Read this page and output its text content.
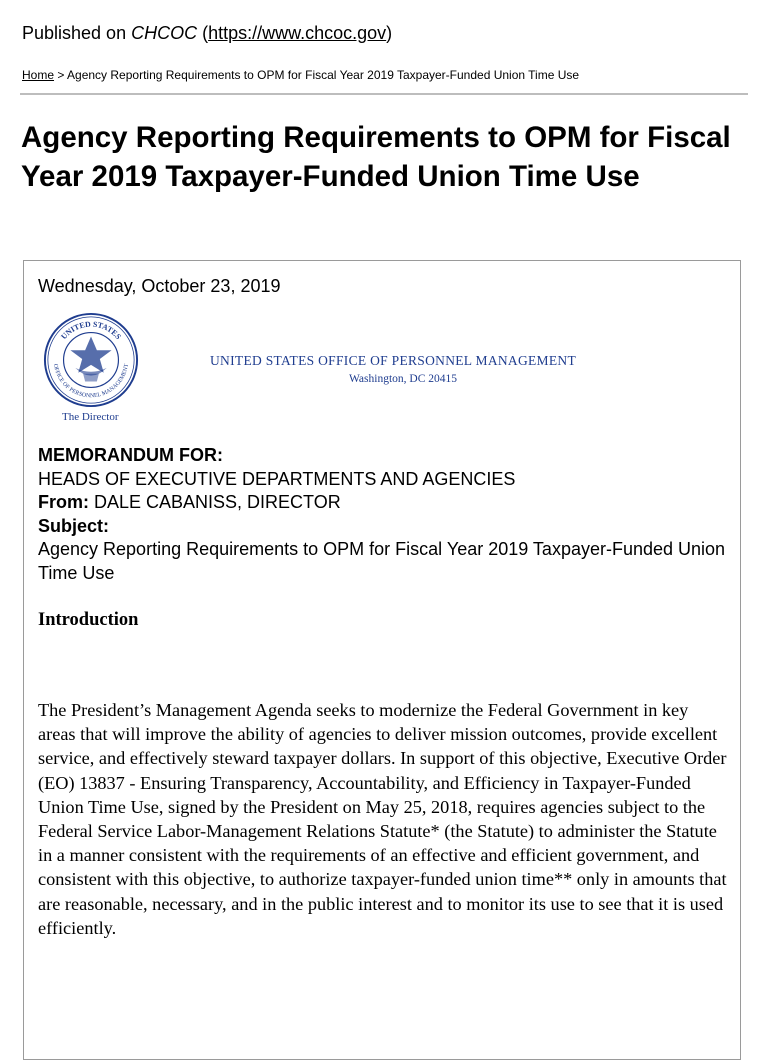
Published on CHCOC (https://www.chcoc.gov)
Home > Agency Reporting Requirements to OPM for Fiscal Year 2019 Taxpayer-Funded Union Time Use
Agency Reporting Requirements to OPM for Fiscal Year 2019 Taxpayer-Funded Union Time Use
Wednesday, October 23, 2019
UNITED STATES
OFFICE OF PERSONNEL MANAGEMENT
The Director
UNITED STATES OFFICE OF PERSONNEL MANAGEMENT
Washington, DC 20415

MEMORANDUM FOR:

HEADS OF EXECUTIVE DEPARTMENTS AND AGENCIES

From: DALE CABANISS, DIRECTOR

Subject:

Agency Reporting Requirements to OPM for Fiscal Year 2019 Taxpayer-Funded Union Time Use

Introduction

The President’s Management Agenda seeks to modernize the Federal Government in key areas that will improve the ability of agencies to deliver mission outcomes, provide excellent service, and effectively steward taxpayer dollars. In support of this objective, Executive Order (EO) 13837 - Ensuring Transparency, Accountability, and Efficiency in Taxpayer-Funded Union Time Use, signed by the President on May 25, 2018, requires agencies subject to the Federal Service Labor-Management Relations Statute* (the Statute) to administer the Statute in a manner consistent with the requirements of an effective and efficient government, and consistent with this objective, to authorize taxpayer-funded union time** only in amounts that are reasonable, necessary, and in the public interest and to monitor its use to see that it is used efficiently.
